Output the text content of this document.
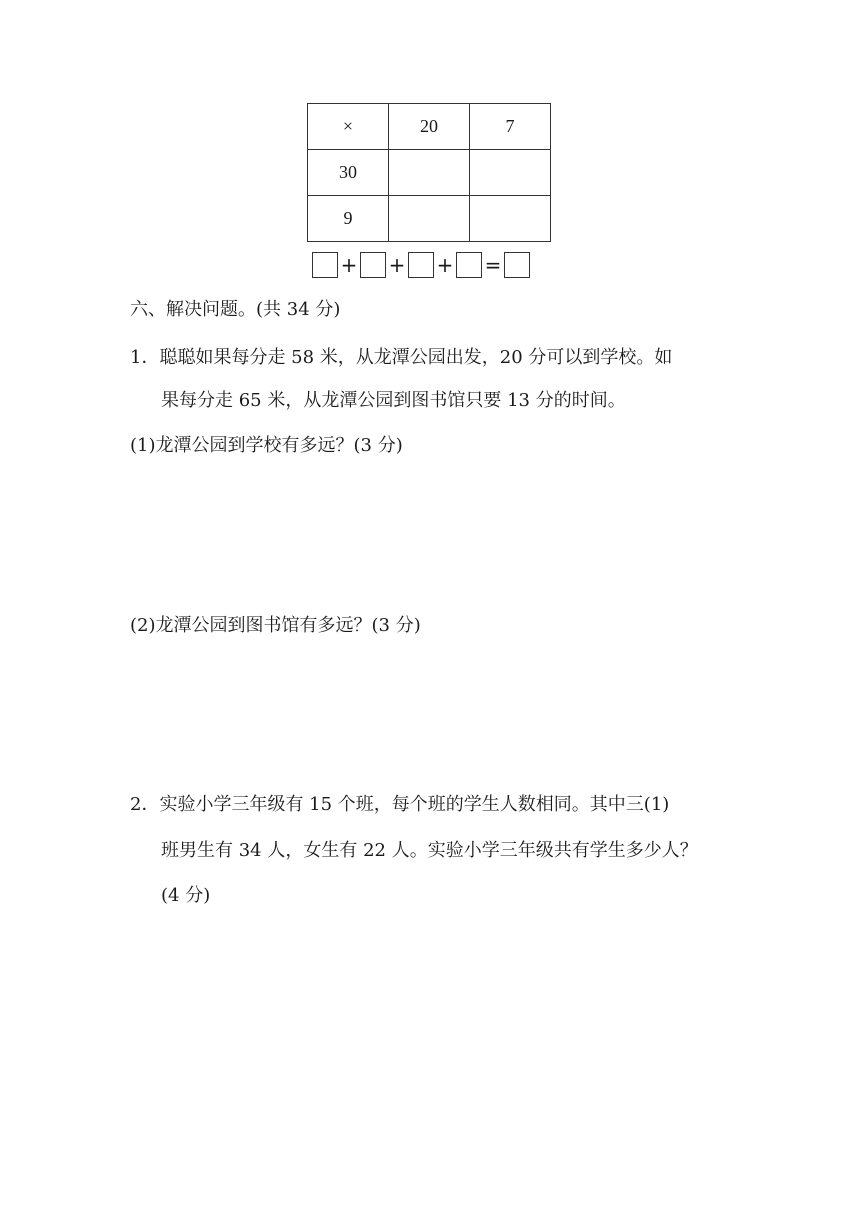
×	20	7
30		
9		
+ + + =
六、解决问题。(共 34 分)
1．聪聪如果每分走 58 米，从龙潭公园出发，20 分可以到学校。如
果每分走 65 米，从龙潭公园到图书馆只要 13 分的时间。
(1)龙潭公园到学校有多远？(3 分)
(2)龙潭公园到图书馆有多远？(3 分)
2．实验小学三年级有 15 个班，每个班的学生人数相同。其中三(1)
班男生有 34 人，女生有 22 人。实验小学三年级共有学生多少人？
(4 分)
